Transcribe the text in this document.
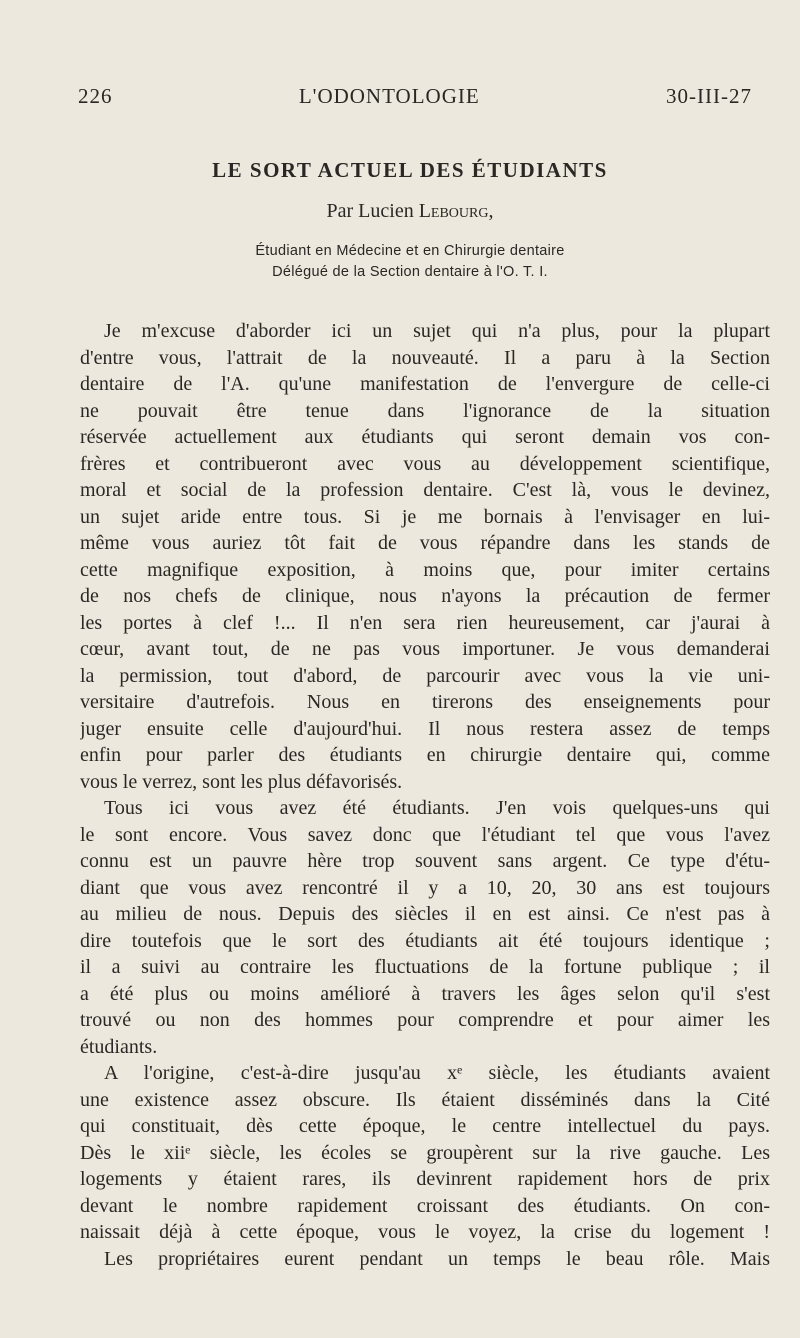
226	L'ODONTOLOGIE	30-III-27
LE SORT ACTUEL DES ÉTUDIANTS
Par Lucien Lebourg,
Étudiant en Médecine et en Chirurgie dentaire
Délégué de la Section dentaire à l'O. T. I.
Je m'excuse d'aborder ici un sujet qui n'a plus, pour la plupart
d'entre vous, l'attrait de la nouveauté. Il a paru à la Section
dentaire de l'A. qu'une manifestation de l'envergure de celle-ci
ne pouvait être tenue dans l'ignorance de la situation
réservée actuellement aux étudiants qui seront demain vos con-
frères et contribueront avec vous au développement scientifique,
moral et social de la profession dentaire. C'est là, vous le devinez,
un sujet aride entre tous. Si je me bornais à l'envisager en lui-
même vous auriez tôt fait de vous répandre dans les stands de
cette magnifique exposition, à moins que, pour imiter certains
de nos chefs de clinique, nous n'ayons la précaution de fermer
les portes à clef !... Il n'en sera rien heureusement, car j'aurai à
cœur, avant tout, de ne pas vous importuner. Je vous demanderai
la permission, tout d'abord, de parcourir avec vous la vie uni-
versitaire d'autrefois. Nous en tirerons des enseignements pour
juger ensuite celle d'aujourd'hui. Il nous restera assez de temps
enfin pour parler des étudiants en chirurgie dentaire qui, comme
vous le verrez, sont les plus défavorisés.
Tous ici vous avez été étudiants. J'en vois quelques-uns qui
le sont encore. Vous savez donc que l'étudiant tel que vous l'avez
connu est un pauvre hère trop souvent sans argent. Ce type d'étu-
diant que vous avez rencontré il y a 10, 20, 30 ans est toujours
au milieu de nous. Depuis des siècles il en est ainsi. Ce n'est pas à
dire toutefois que le sort des étudiants ait été toujours identique ;
il a suivi au contraire les fluctuations de la fortune publique ; il
a été plus ou moins amélioré à travers les âges selon qu'il s'est
trouvé ou non des hommes pour comprendre et pour aimer les
étudiants.
A l'origine, c'est-à-dire jusqu'au xᵉ siècle, les étudiants avaient
une existence assez obscure. Ils étaient disséminés dans la Cité
qui constituait, dès cette époque, le centre intellectuel du pays.
Dès le xiiᵉ siècle, les écoles se groupèrent sur la rive gauche. Les
logements y étaient rares, ils devinrent rapidement hors de prix
devant le nombre rapidement croissant des étudiants. On con-
naissait déjà à cette époque, vous le voyez, la crise du logement !
Les propriétaires eurent pendant un temps le beau rôle. Mais
